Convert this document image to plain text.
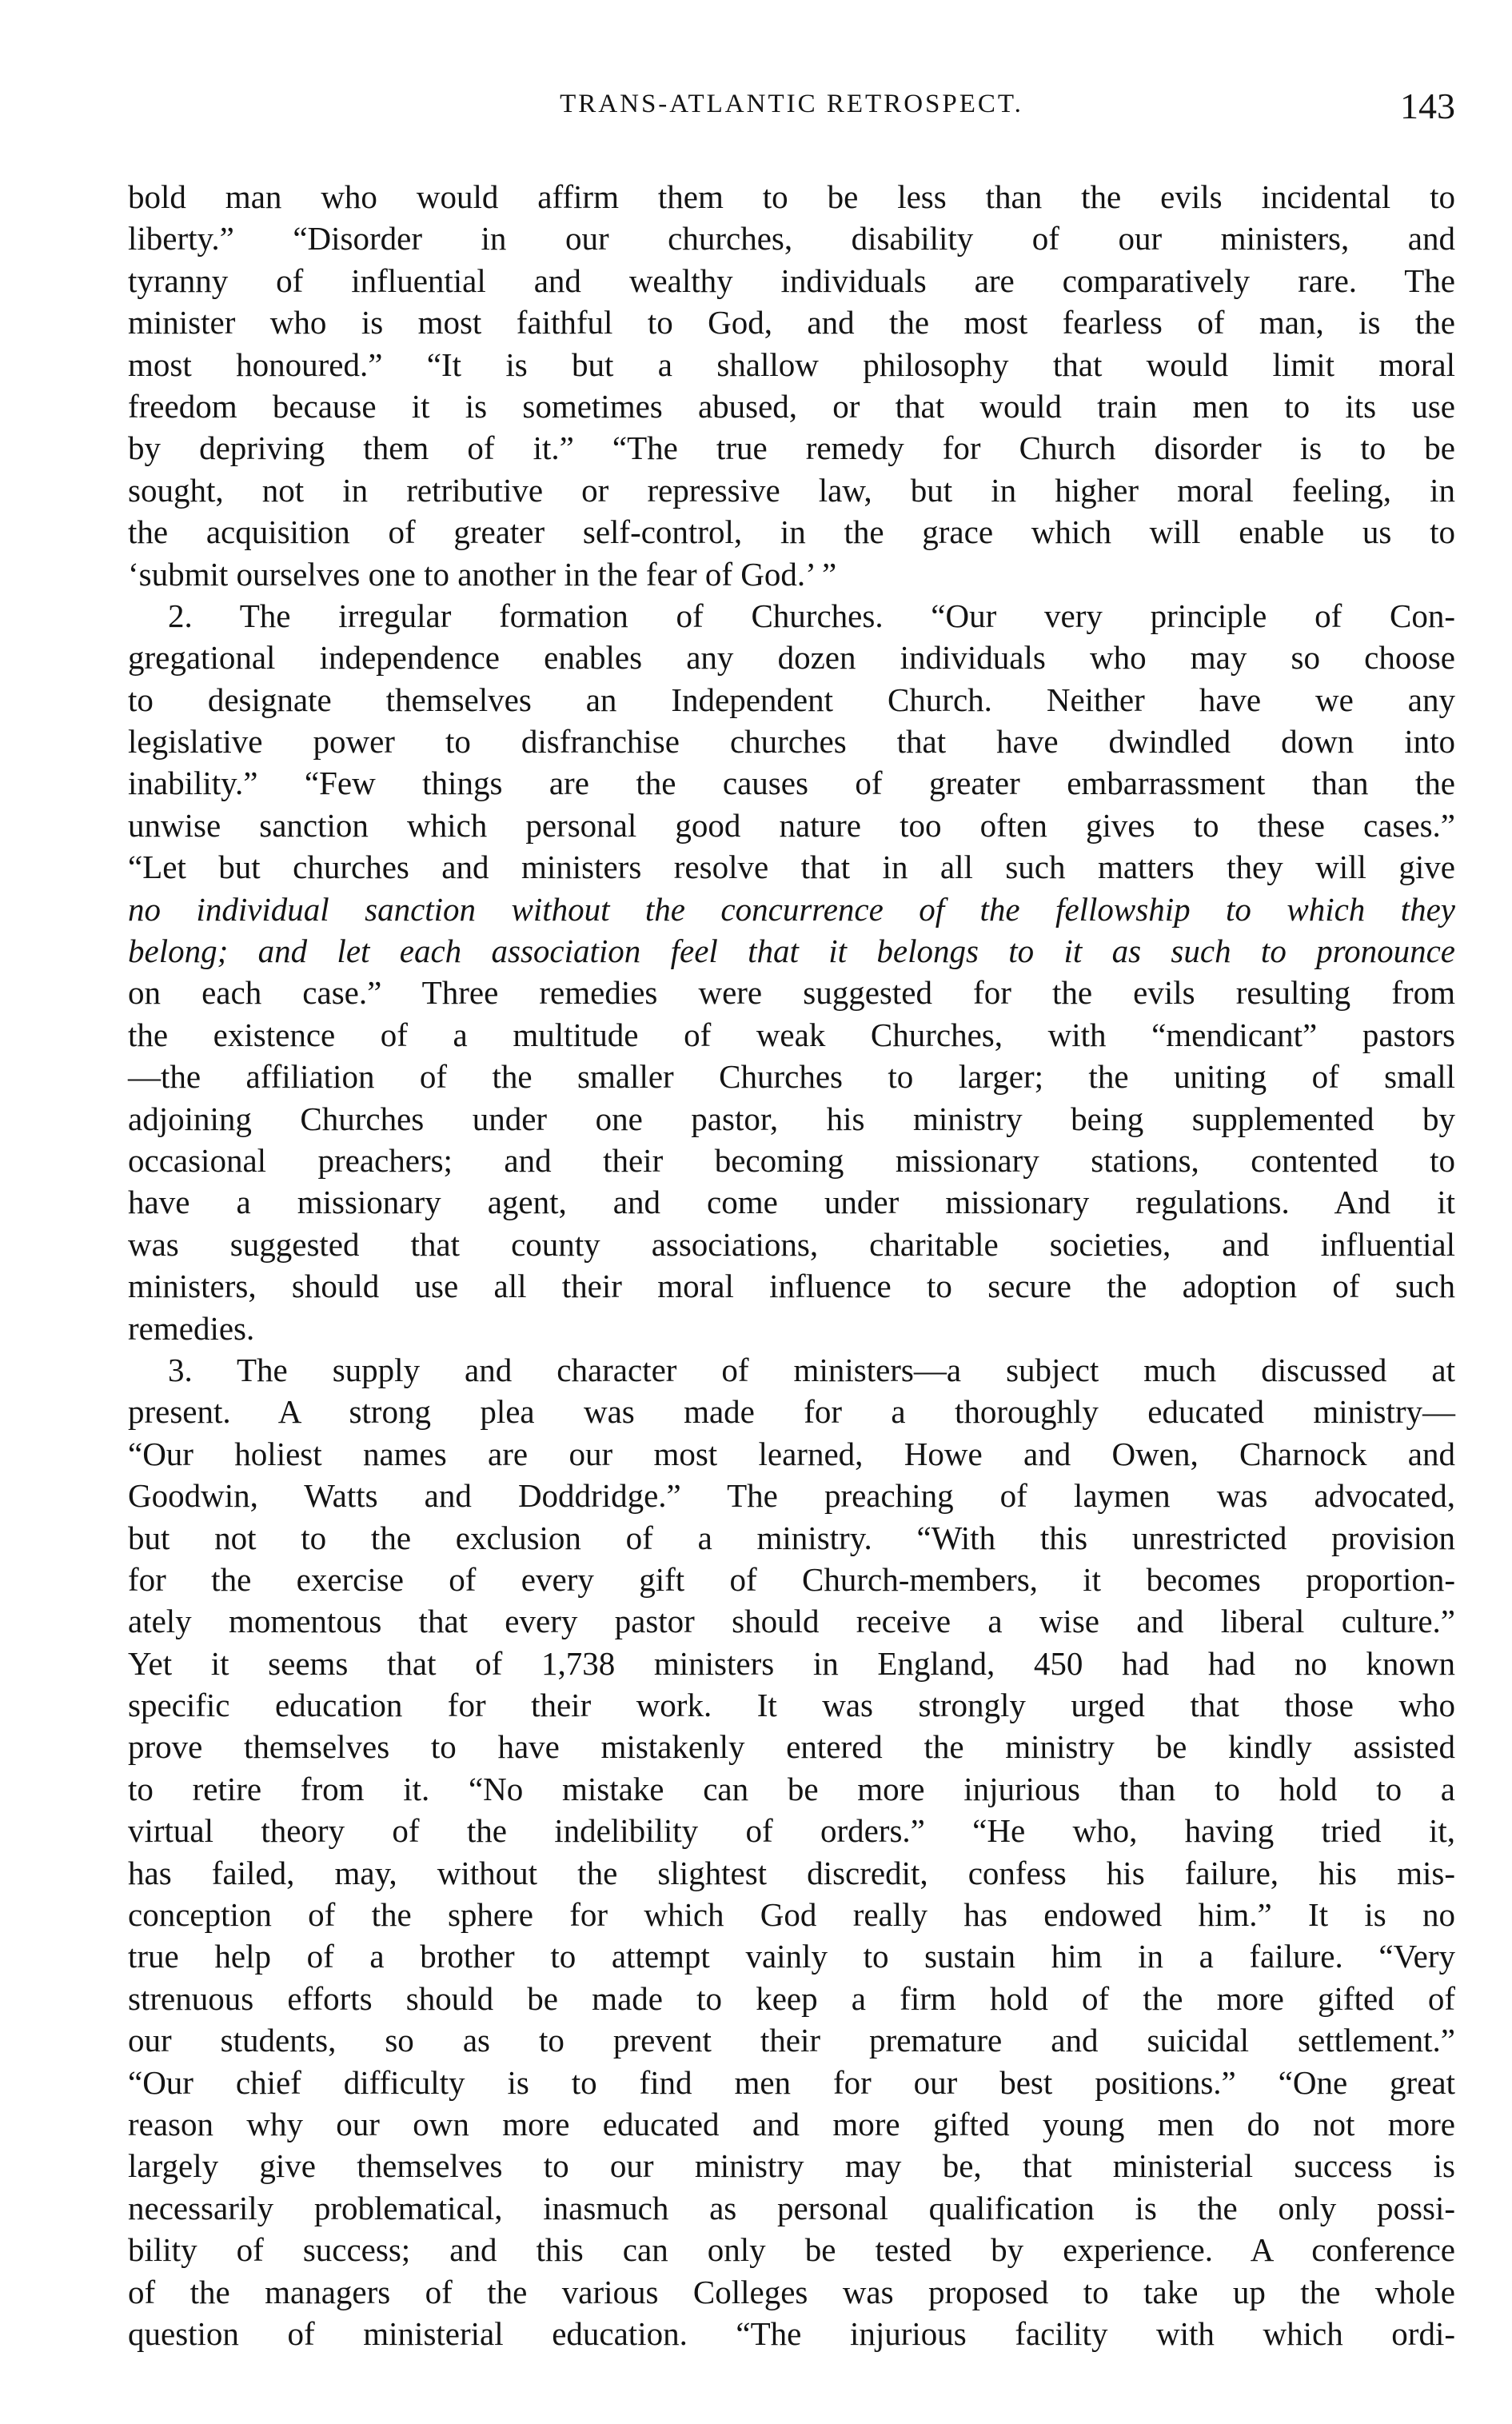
TRANS-ATLANTIC RETROSPECT.	143
bold man who would affirm them to be less than the evils incidental to
liberty.” “Disorder in our churches, disability of our ministers, and
tyranny of influential and wealthy individuals are comparatively rare. The
minister who is most faithful to God, and the most fearless of man, is the
most honoured.” “It is but a shallow philosophy that would limit moral
freedom because it is sometimes abused, or that would train men to its use
by depriving them of it.” “The true remedy for Church disorder is to be
sought, not in retributive or repressive law, but in higher moral feeling, in
the acquisition of greater self-control, in the grace which will enable us to
‘submit ourselves one to another in the fear of God.’ ”
2. The irregular formation of Churches. “Our very principle of Con-
gregational independence enables any dozen individuals who may so choose
to designate themselves an Independent Church. Neither have we any
legislative power to disfranchise churches that have dwindled down into
inability.” “Few things are the causes of greater embarrassment than the
unwise sanction which personal good nature too often gives to these cases.”
“Let but churches and ministers resolve that in all such matters they will give
no individual sanction without the concurrence of the fellowship to which they
belong; and let each association feel that it belongs to it as such to pronounce
on each case.” Three remedies were suggested for the evils resulting from
the existence of a multitude of weak Churches, with “mendicant” pastors
—the affiliation of the smaller Churches to larger; the uniting of small
adjoining Churches under one pastor, his ministry being supplemented by
occasional preachers; and their becoming missionary stations, contented to
have a missionary agent, and come under missionary regulations. And it
was suggested that county associations, charitable societies, and influential
ministers, should use all their moral influence to secure the adoption of such
remedies.
3. The supply and character of ministers—a subject much discussed at
present. A strong plea was made for a thoroughly educated ministry—
“Our holiest names are our most learned, Howe and Owen, Charnock and
Goodwin, Watts and Doddridge.” The preaching of laymen was advocated,
but not to the exclusion of a ministry. “With this unrestricted provision
for the exercise of every gift of Church-members, it becomes proportion-
ately momentous that every pastor should receive a wise and liberal culture.”
Yet it seems that of 1,738 ministers in England, 450 had had no known
specific education for their work. It was strongly urged that those who
prove themselves to have mistakenly entered the ministry be kindly assisted
to retire from it. “No mistake can be more injurious than to hold to a
virtual theory of the indelibility of orders.” “He who, having tried it,
has failed, may, without the slightest discredit, confess his failure, his mis-
conception of the sphere for which God really has endowed him.” It is no
true help of a brother to attempt vainly to sustain him in a failure. “Very
strenuous efforts should be made to keep a firm hold of the more gifted of
our students, so as to prevent their premature and suicidal settlement.”
“Our chief difficulty is to find men for our best positions.” “One great
reason why our own more educated and more gifted young men do not more
largely give themselves to our ministry may be, that ministerial success is
necessarily problematical, inasmuch as personal qualification is the only possi-
bility of success; and this can only be tested by experience. A conference
of the managers of the various Colleges was proposed to take up the whole
question of ministerial education. “The injurious facility with which ordi-
